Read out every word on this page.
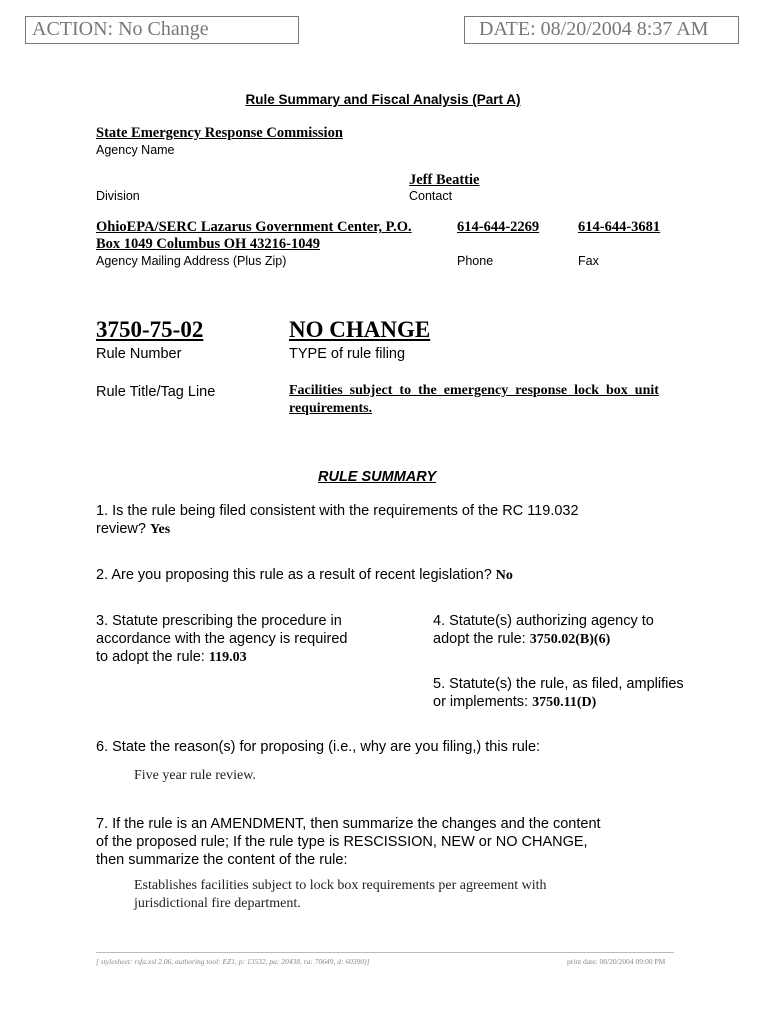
ACTION: No Change	DATE: 08/20/2004 8:37 AM
Rule Summary and Fiscal Analysis (Part A)
State Emergency Response Commission
Agency Name
Jeff Beattie
Division	Contact
OhioEPA/SERC Lazarus Government Center, P.O.
Box 1049 Columbus OH 43216-1049
614-644-2269	614-644-3681
Agency Mailing Address (Plus Zip)	Phone	Fax
3750-75-02	NO CHANGE
Rule Number	TYPE of rule filing
Rule Title/Tag Line	Facilities  subject  to  the  emergency  response  lock  box  unit
requirements.
RULE SUMMARY
1. Is the rule being filed consistent with the requirements of the RC 119.032
review? Yes
2. Are you proposing this rule as a result of recent legislation? No
3. Statute prescribing the procedure in
accordance with the agency is required
to adopt the rule: 119.03
4. Statute(s) authorizing agency to
adopt the rule: 3750.02(B)(6)
5. Statute(s) the rule, as filed, amplifies
or implements: 3750.11(D)
6. State the reason(s) for proposing (i.e., why are you filing,) this rule:
Five year rule review.
7. If the rule is an AMENDMENT, then summarize the changes and the content
of the proposed rule; If the rule type is RESCISSION, NEW or NO CHANGE,
then summarize the content of the rule:
Establishes facilities subject to lock box requirements per agreement with
jurisdictional fire department.
[ stylesheet: rsfa.xsl 2.06, authoring tool: EZ1, p: 13532, pa: 20438, ra: 70649, d: 60390)]	print date: 08/20/2004 09:00 PM
